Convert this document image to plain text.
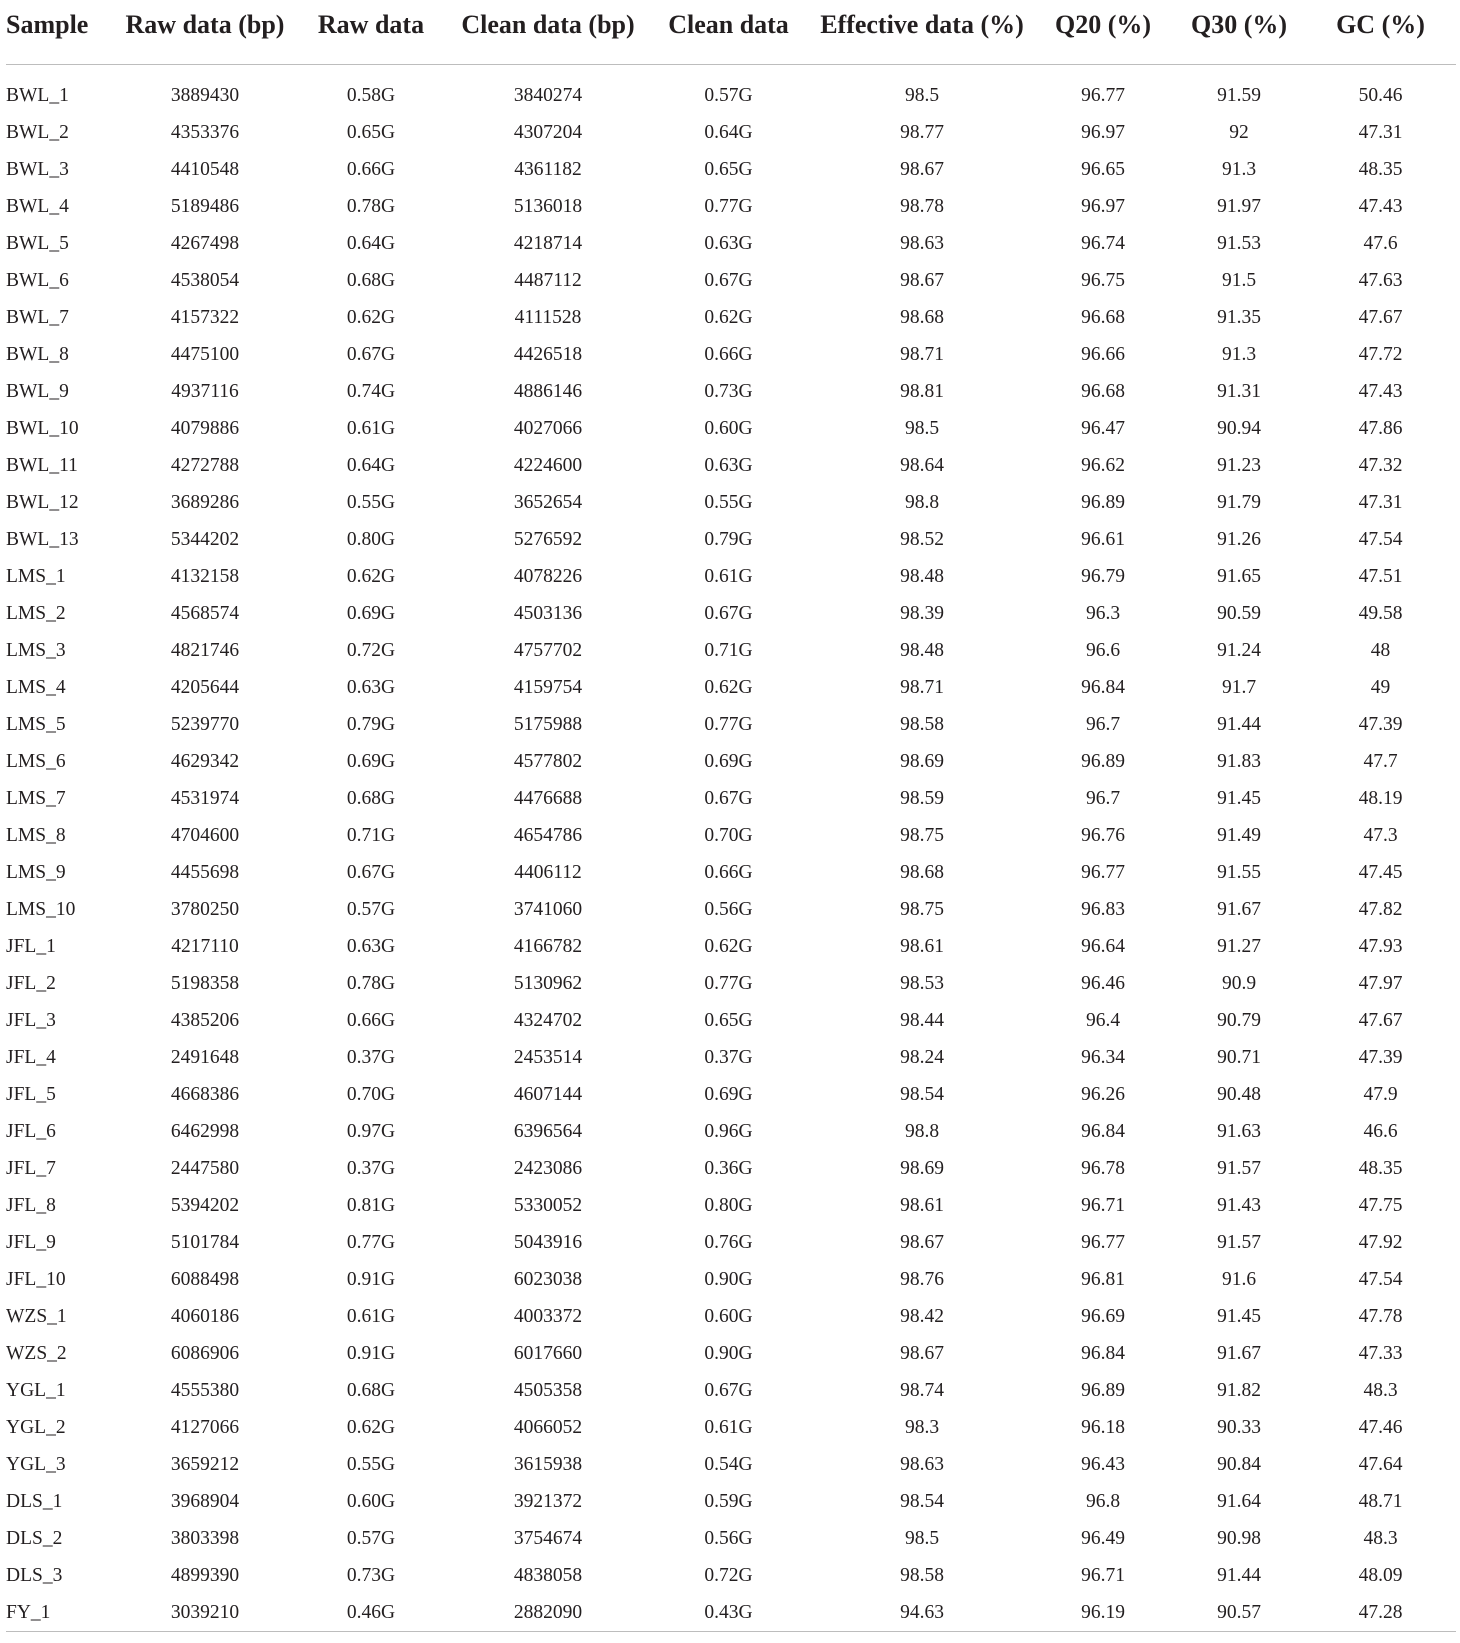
Sample	Raw data (bp)	Raw data	Clean data (bp)	Clean data	Effective data (%)	Q20 (%)	Q30 (%)	GC (%)

BWL_1	3889430	0.58G	3840274	0.57G	98.5	96.77	91.59	50.46
BWL_2	4353376	0.65G	4307204	0.64G	98.77	96.97	92	47.31
BWL_3	4410548	0.66G	4361182	0.65G	98.67	96.65	91.3	48.35
BWL_4	5189486	0.78G	5136018	0.77G	98.78	96.97	91.97	47.43
BWL_5	4267498	0.64G	4218714	0.63G	98.63	96.74	91.53	47.6
BWL_6	4538054	0.68G	4487112	0.67G	98.67	96.75	91.5	47.63
BWL_7	4157322	0.62G	4111528	0.62G	98.68	96.68	91.35	47.67
BWL_8	4475100	0.67G	4426518	0.66G	98.71	96.66	91.3	47.72
BWL_9	4937116	0.74G	4886146	0.73G	98.81	96.68	91.31	47.43
BWL_10	4079886	0.61G	4027066	0.60G	98.5	96.47	90.94	47.86
BWL_11	4272788	0.64G	4224600	0.63G	98.64	96.62	91.23	47.32
BWL_12	3689286	0.55G	3652654	0.55G	98.8	96.89	91.79	47.31
BWL_13	5344202	0.80G	5276592	0.79G	98.52	96.61	91.26	47.54
LMS_1	4132158	0.62G	4078226	0.61G	98.48	96.79	91.65	47.51
LMS_2	4568574	0.69G	4503136	0.67G	98.39	96.3	90.59	49.58
LMS_3	4821746	0.72G	4757702	0.71G	98.48	96.6	91.24	48
LMS_4	4205644	0.63G	4159754	0.62G	98.71	96.84	91.7	49
LMS_5	5239770	0.79G	5175988	0.77G	98.58	96.7	91.44	47.39
LMS_6	4629342	0.69G	4577802	0.69G	98.69	96.89	91.83	47.7
LMS_7	4531974	0.68G	4476688	0.67G	98.59	96.7	91.45	48.19
LMS_8	4704600	0.71G	4654786	0.70G	98.75	96.76	91.49	47.3
LMS_9	4455698	0.67G	4406112	0.66G	98.68	96.77	91.55	47.45
LMS_10	3780250	0.57G	3741060	0.56G	98.75	96.83	91.67	47.82
JFL_1	4217110	0.63G	4166782	0.62G	98.61	96.64	91.27	47.93
JFL_2	5198358	0.78G	5130962	0.77G	98.53	96.46	90.9	47.97
JFL_3	4385206	0.66G	4324702	0.65G	98.44	96.4	90.79	47.67
JFL_4	2491648	0.37G	2453514	0.37G	98.24	96.34	90.71	47.39
JFL_5	4668386	0.70G	4607144	0.69G	98.54	96.26	90.48	47.9
JFL_6	6462998	0.97G	6396564	0.96G	98.8	96.84	91.63	46.6
JFL_7	2447580	0.37G	2423086	0.36G	98.69	96.78	91.57	48.35
JFL_8	5394202	0.81G	5330052	0.80G	98.61	96.71	91.43	47.75
JFL_9	5101784	0.77G	5043916	0.76G	98.67	96.77	91.57	47.92
JFL_10	6088498	0.91G	6023038	0.90G	98.76	96.81	91.6	47.54
WZS_1	4060186	0.61G	4003372	0.60G	98.42	96.69	91.45	47.78
WZS_2	6086906	0.91G	6017660	0.90G	98.67	96.84	91.67	47.33
YGL_1	4555380	0.68G	4505358	0.67G	98.74	96.89	91.82	48.3
YGL_2	4127066	0.62G	4066052	0.61G	98.3	96.18	90.33	47.46
YGL_3	3659212	0.55G	3615938	0.54G	98.63	96.43	90.84	47.64
DLS_1	3968904	0.60G	3921372	0.59G	98.54	96.8	91.64	48.71
DLS_2	3803398	0.57G	3754674	0.56G	98.5	96.49	90.98	48.3
DLS_3	4899390	0.73G	4838058	0.72G	98.58	96.71	91.44	48.09
FY_1	3039210	0.46G	2882090	0.43G	94.63	96.19	90.57	47.28
